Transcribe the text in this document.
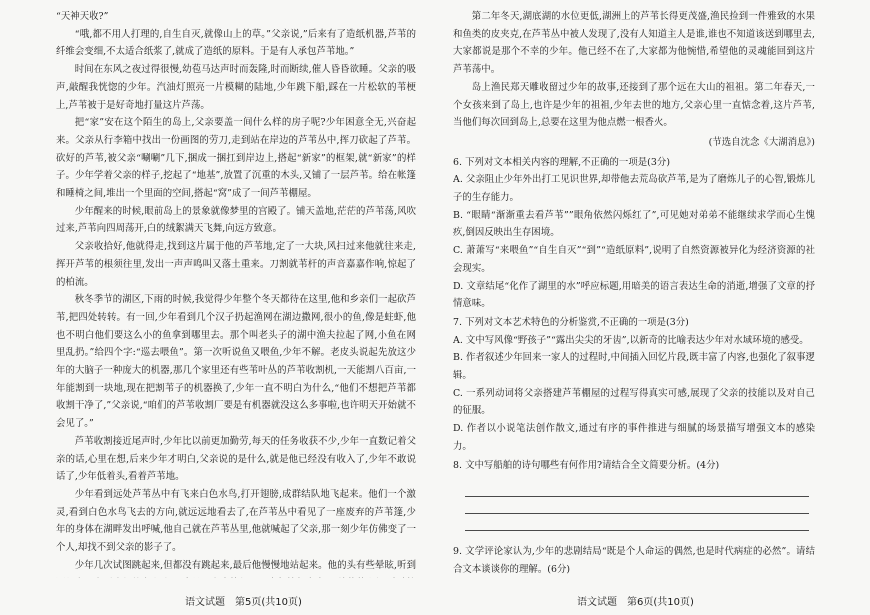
“天神天收?”

“哦,都不用人打理的,自生自灭,就像山上的草。”父亲说,”后来有了造纸机器,芦苇的纤维会变细,不太适合纸浆了,就成了造纸的原料。于是有人承包芦苇地。”

时间在东风之夜过得很慢,幼苞马达声时而轰隆,时而断续,催人昏昏欲睡。父亲的吸声,敲醒我恍惚的少年。汽油灯照亮一片模糊的陆地,少年跳下船,踩在一片松软的苇梗上,芦苇被于是好奇地打量这片芦荡。

把“家”安在这个陌生的岛上,父亲要盖一间什么样的房子呢?少年困意全无,兴奋起来。父亲从行李箱中找出一份画图的劳刀,走到站在岸边的芦苇丛中,挥刀砍起了芦苇。砍好的芦苇,被父亲“唰唰”几下,捆成一捆扛到岸边上,搭起“新家”的框架,就“新家”的样子。少年学着父亲的样子,挖起了“地基”,放置了沉重的木头,又铺了一层芦苇。给在帐篷和睡椅之间,堆出一个里面的空间,搭起“窝”成了一间芦苇棚屋。

少年醒来的时候,眼前岛上的景象就像梦里的宫殿了。铺天盖地,茫茫的芦苇荡,风吹过来,芦苇向四周荡开,白的绒絮满天飞舞,向远方致意。

父亲收拾好,他就得走,找到这片属于他的芦苇地,定了一大块,风扫过来他就往来走,挥开芦苇的根须往里,发出一声声鸣叫又落土重来。刀割就苇杆的声音嘉嘉作响,惊起了的柏流。

秋冬季节的湖区,下雨的时候,我觉得少年整个冬天都待在这里,他和乡亲们一起砍芦苇,把四处转转。有一回,少年看到几个汉子扔起渔网在湖边撒网,很小的鱼,像是蛀虾,他也不明白他们要这么小的鱼拿到哪里去。那个叫老头子的湖中渔夫拉起了网,小鱼在网里乱扔。”给四个字:“巡去喂鱼”。第一次听说鱼又喂鱼,少年不解。老皮头说起先放这少年的大脑子一种庞大的机器,那几个家里还有些苇叶丛的芦苇收割机,一天能割八百亩,一年能割到一块地,现在把割苇子的机器换了,少年一直不明白为什么,“他们不想把芦苇都收割干净了,”父亲说,“咱们的芦苇收割厂要是有机器就没这么多事啦,也许明天开始就不会见了。”

芦苇收割接近尾声时,少年比以前更加勤劳,每天的任务收获不少,少年一直数记着父亲的话,心里在想,后来少年才明白,父亲说的是什么,就是他已经没有收入了,少年不敢说话了,少年低着头,看着芦苇地。

少年看到远处芦苇丛中有飞来白色水鸟,打开翅膀,成群结队地飞起来。他们一个激灵,看到白色水鸟飞去的方向,就远远地看去了,在芦苇丛中看见了一座废弃的芦苇篷,少年的身体在湖畔发出呼喊,他自己就在芦苇丛里,他就喊起了父亲,那一刻少年仿佛变了一个人,却找不到父亲的影子了。

少年几次试图跳起来,但都没有跳起来,最后他慢慢地站起来。他的头有些晕眩,听到

第二年冬天,湖底湖的水位更低,湖洲上的芦苇长得更茂盛,渔民捡到一件雅致的水果和鱼类的皮夹克,在芦苇丛中被人发现了,没有人知道主人是谁,谁也不知道该送到哪里去,大家都说是那个不幸的少年。他已经不在了,大家都为他惋惜,希望他的灵魂能回到这片芦苇荡中。

岛上渔民郑天雕收留过少年的故事,还接到了那个远在大山的祖祖。第二年春天,一个女孩来到了岛上,也许是少年的祖祖,少年去世的地方,父亲心里一直惦念着,这片芦苇,当他们每次回到岛上,总要在这里为他点燃一根香火。

(节选自沈念《大湖消息》)

6. 下列对文本相关内容的理解,不正确的一项是(3分)

A. 父亲阻止少年外出打工见识世界,却带他去荒岛砍芦苇,是为了磨炼儿子的心智,锻炼儿子的生存能力。

B. “眼睛“渐渐重去看芦苇””眼角依然闪烁红了”,可见她对弟弟不能继续求学而心生愧疚,倒因反映出生存困境。

C. 萧萧写“来喂鱼”“自生自灭”“到”“造纸原料”,说明了自然资源被异化为经济资源的社会现实。

D. 文章结尾“化作了湖里的水”呼应标题,用暗美的语言表达生命的消逝,增强了文章的抒情意味。

7. 下列对文本艺术特色的分析鉴赏,不正确的一项是(3分)

A. 文中写风像“野孩子”“露出尖尖的牙齿”,以新奇的比喻表达少年对水域环境的感受。

B. 作者叙述少年回来一家人的过程时,中间插入回忆片段,既丰富了内容,也强化了叙事逻辑。

C. 一系列动词将父亲搭建芦苇棚屋的过程写得真实可感,展现了父亲的技能以及对自己的征服。

D. 作者以小说笔法创作散文,通过有序的事件推进与细腻的场景描写增强文本的感染力。

8. 文中写船舶的诗句哪些有何作用?请结合全文简要分析。(4分)

9. 文学评论家认为,少年的悲剧结局“既是个人命运的偶然,也是时代病症的必然”。请结合文本谈谈你的理解。(6分)

语文试题　第5页(共10页)	语文试题　第6页(共10页)
